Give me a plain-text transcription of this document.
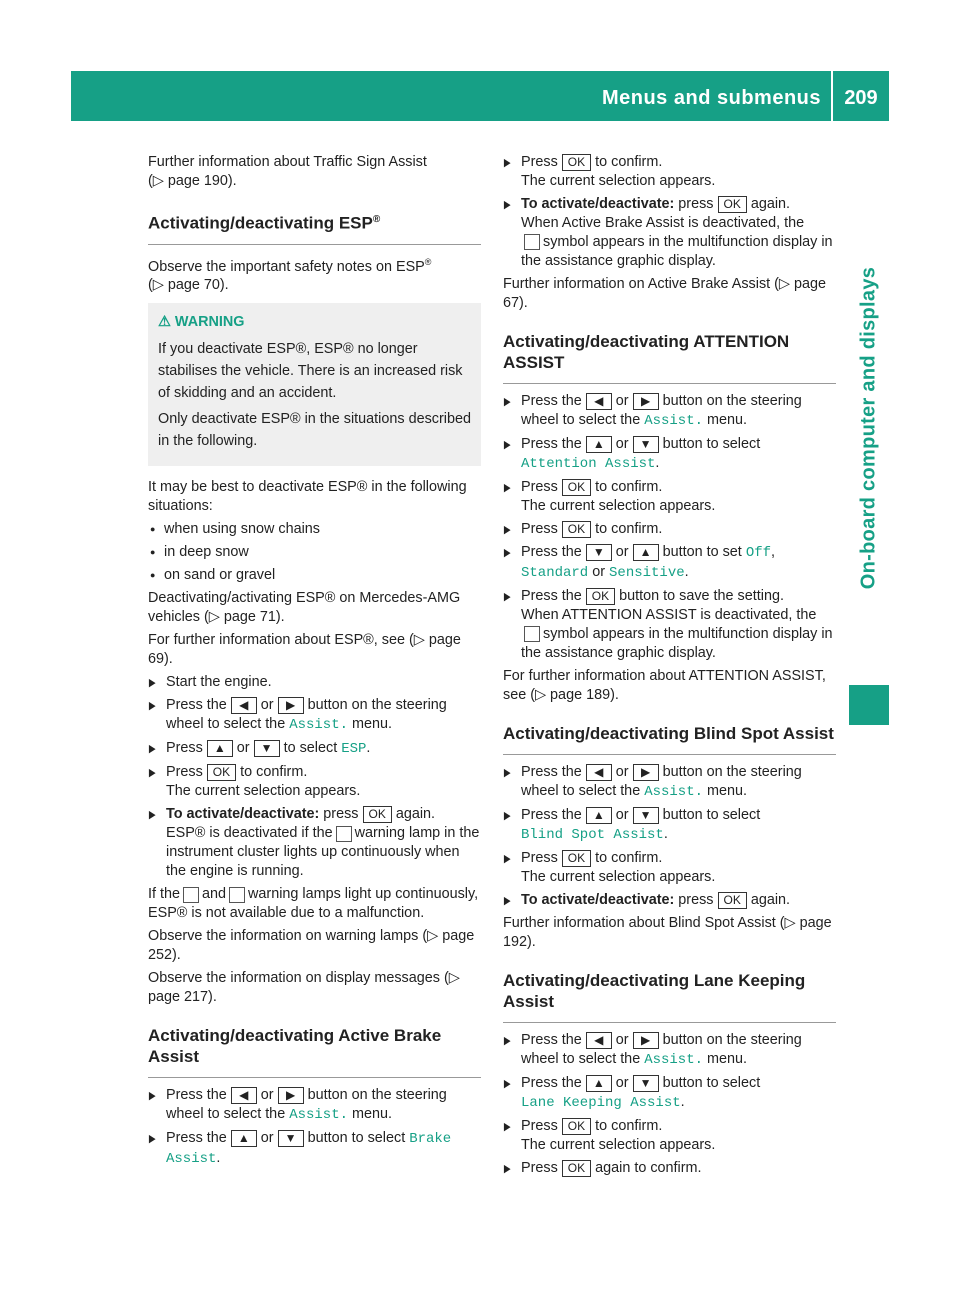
Menus and submenus	209
On-board computer and displays

Further information about Traffic Sign Assist
(▷ page 190).

Activating/deactivating ESP®

Observe the important safety notes on ESP®
(▷ page 70).

⚠ WARNING

If you deactivate ESP®, ESP® no longer stabilises the vehicle. There is an increased risk of skidding and an accident.

Only deactivate ESP® in the situations described in the following.

It may be best to deactivate ESP® in the following situations:

● when using snow chains
● in deep snow
● on sand or gravel

Deactivating/activating ESP® on Mercedes-AMG vehicles (▷ page 71).

For further information about ESP®, see (▷ page 69).

▶ Start the engine.
▶ Press the ◀ or ▶ button on the steering wheel to select the Assist. menu.
▶ Press ▲ or ▼ to select ESP.
▶ Press OK to confirm.
The current selection appears.
▶ To activate/deactivate: press OK again.
ESP® is deactivated if the warning lamp in the instrument cluster lights up continuously when the engine is running.

If the and warning lamps light up continuously, ESP® is not available due to a malfunction.

Observe the information on warning lamps (▷ page 252).

Observe the information on display messages (▷ page 217).

Activating/deactivating Active Brake Assist
▶ Press the ◀ or ▶ button on the steering wheel to select the Assist. menu.
▶ Press the ▲ or ▼ button to select Brake Assist.
▶ Press OK to confirm.
The current selection appears.
▶ To activate/deactivate: press OK again.
When Active Brake Assist is deactivated, the
symbol appears in the multifunction display in the assistance graphic display.

Further information on Active Brake Assist (▷ page 67).

Activating/deactivating ATTENTION ASSIST
▶ Press the ◀ or ▶ button on the steering wheel to select the Assist. menu.
▶ Press the ▲ or ▼ button to select
Attention Assist.
▶ Press OK to confirm.
The current selection appears.
▶ Press OK to confirm.
▶ Press the ▼ or ▲ button to set Off,
Standard or Sensitive.
▶ Press the OK button to save the setting.
When ATTENTION ASSIST is deactivated, the
symbol appears in the multifunction display in the assistance graphic display.

For further information about ATTENTION ASSIST, see (▷ page 189).

Activating/deactivating Blind Spot Assist
▶ Press the ◀ or ▶ button on the steering wheel to select the Assist. menu.
▶ Press the ▲ or ▼ button to select
Blind Spot Assist.
▶ Press OK to confirm.
The current selection appears.
▶ To activate/deactivate: press OK again.

Further information about Blind Spot Assist (▷ page 192).

Activating/deactivating Lane Keeping Assist
▶ Press the ◀ or ▶ button on the steering wheel to select the Assist. menu.
▶ Press the ▲ or ▼ button to select
Lane Keeping Assist.
▶ Press OK to confirm.
The current selection appears.
▶ Press OK again to confirm.
